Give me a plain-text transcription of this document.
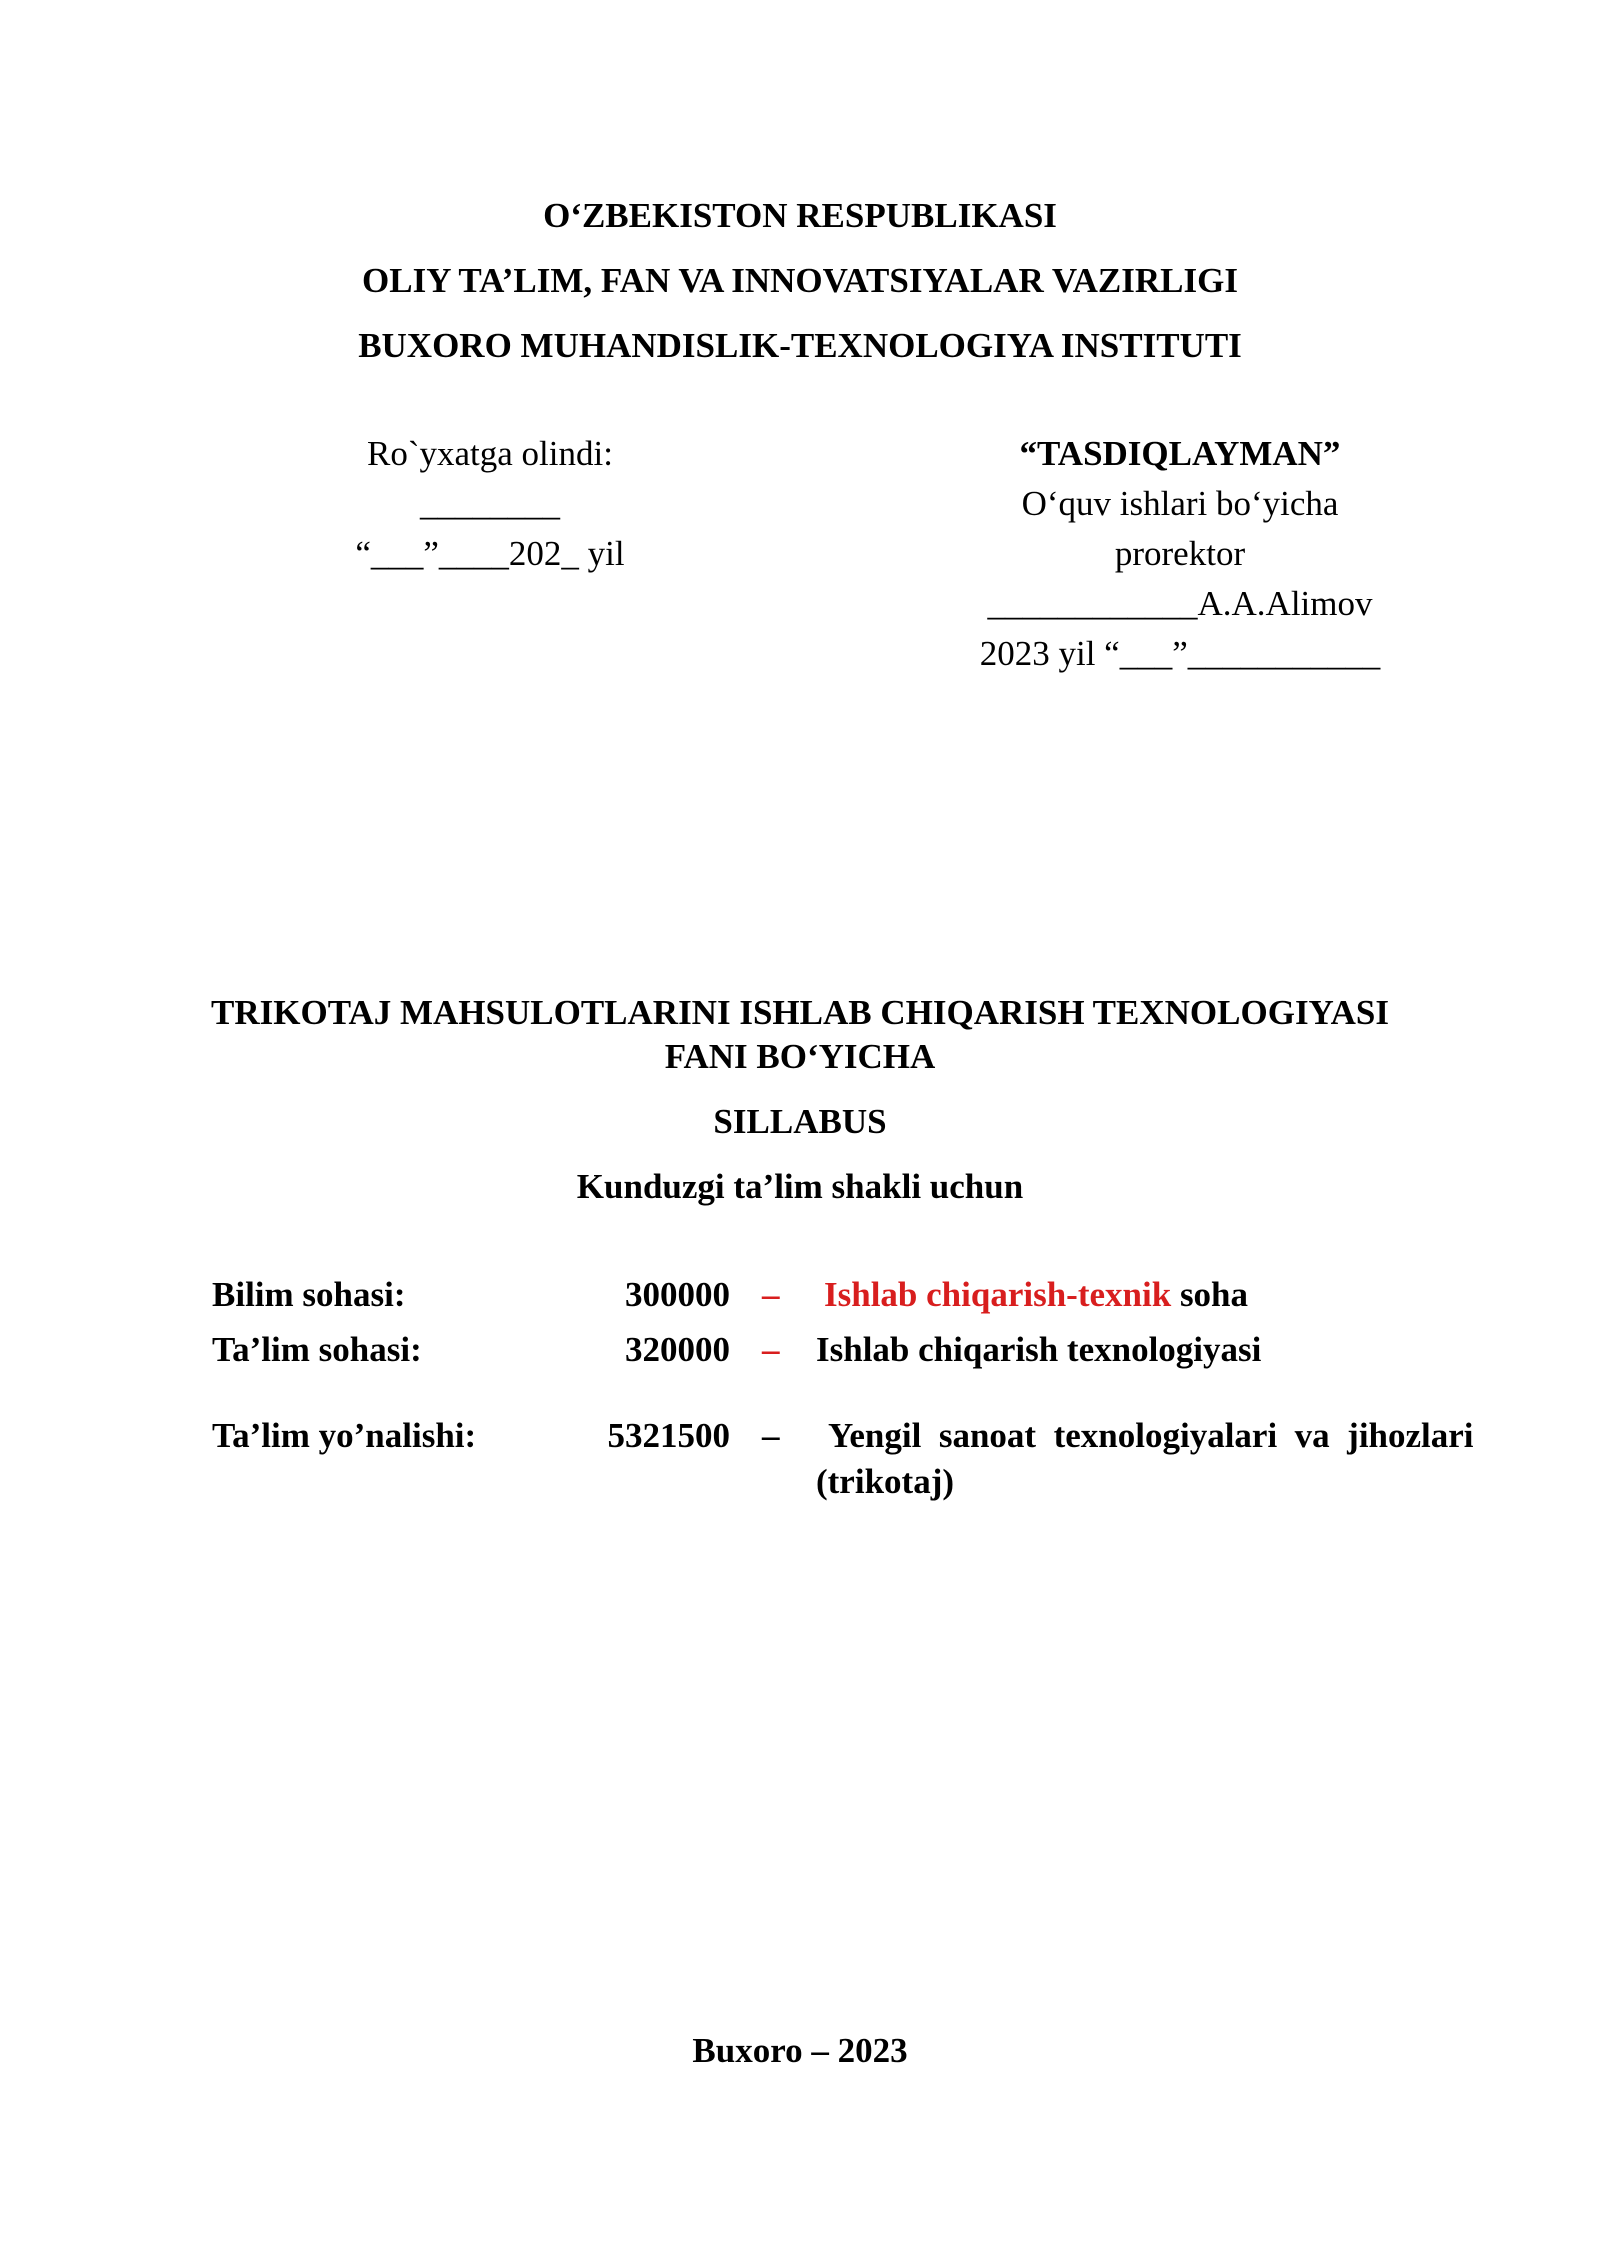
O‘ZBEKISTON RESPUBLIKASI
OLIY TA’LIM, FAN VA INNOVATSIYALAR VAZIRLIGI
BUXORO MUHANDISLIK-TEXNOLOGIYA INSTITUTI
Ro`yxatga olindi:
________
“___”____202_ yil
“TASDIQLAYMAN”
O‘quv ishlari bo‘yicha
prorektor
____________A.A.Alimov
2023 yil “___”___________
TRIKOTAJ MAHSULOTLARINI ISHLAB CHIQARISH TEXNOLOGIYASI
FANI BO‘YICHA
SILLABUS
Kunduzgi ta’lim shakli uchun
Bilim sohasi:	300000 – Ishlab chiqarish-texnik soha
Ta’lim sohasi:	320000 – Ishlab chiqarish texnologiyasi
Ta’lim yo’nalishi:	5321500 – Yengil  sanoat  texnologiyalari  va  jihozlari
(trikotaj)
Buxoro – 2023
